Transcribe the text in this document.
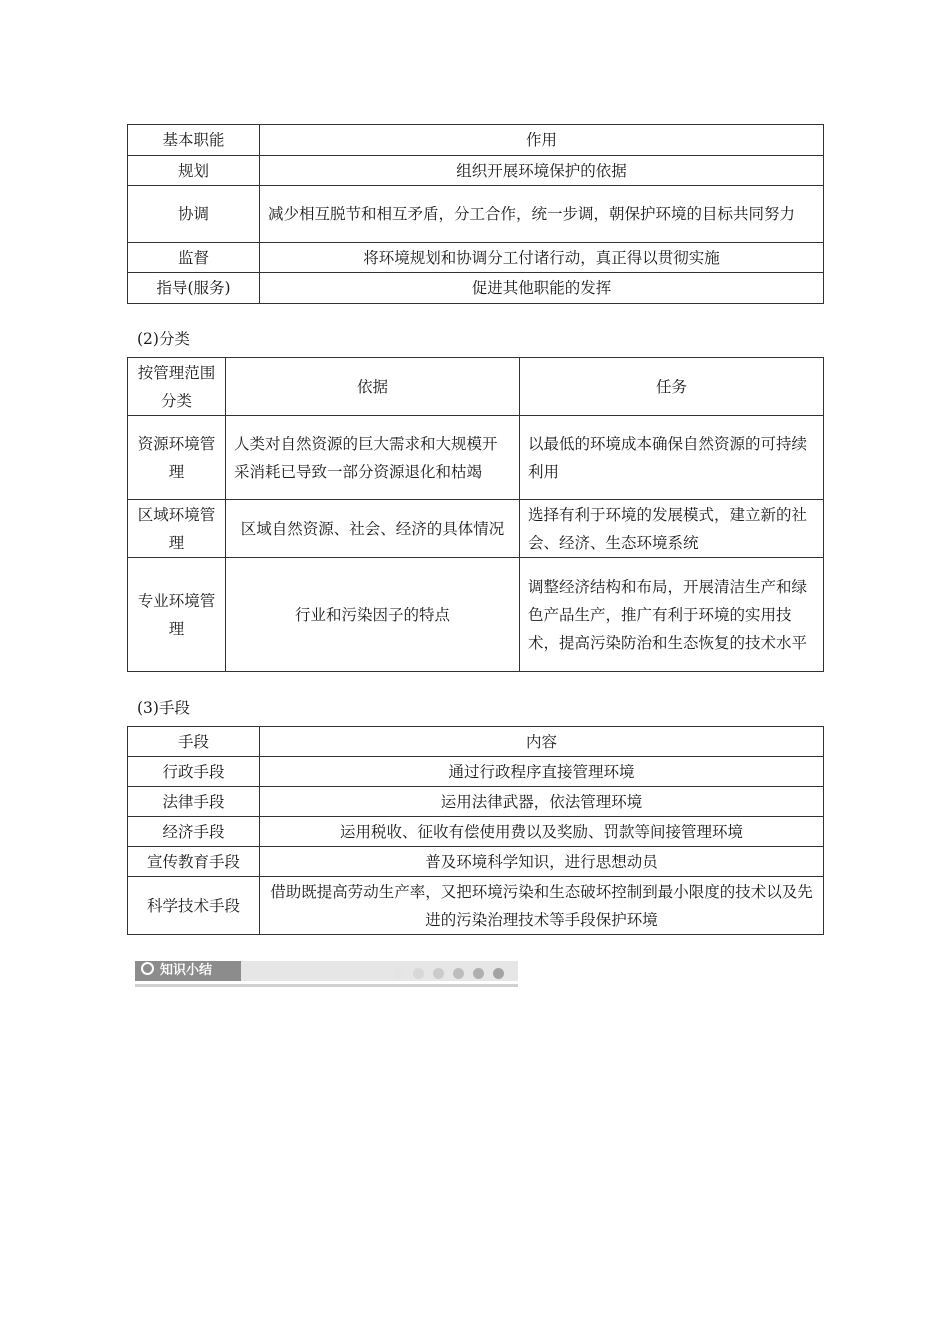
基本职能	作用
规划	组织开展环境保护的依据
协调	减少相互脱节和相互矛盾，分工合作，统一步调，朝保护环境的目标共同努力
监督	将环境规划和协调分工付诸行动，真正得以贯彻实施
指导(服务)	促进其他职能的发挥
(2)分类
按管理范围分类	依据	任务
资源环境管理	人类对自然资源的巨大需求和大规模开采消耗已导致一部分资源退化和枯竭	以最低的环境成本确保自然资源的可持续利用
区域环境管理	区域自然资源、社会、经济的具体情况	选择有利于环境的发展模式，建立新的社会、经济、生态环境系统
专业环境管理	行业和污染因子的特点	调整经济结构和布局，开展清洁生产和绿色产品生产，推广有利于环境的实用技术，提高污染防治和生态恢复的技术水平
(3)手段
手段	内容
行政手段	通过行政程序直接管理环境
法律手段	运用法律武器，依法管理环境
经济手段	运用税收、征收有偿使用费以及奖励、罚款等间接管理环境
宣传教育手段	普及环境科学知识，进行思想动员
科学技术手段	借助既提高劳动生产率，又把环境污染和生态破坏控制到最小限度的技术以及先进的污染治理技术等手段保护环境
知识小结
